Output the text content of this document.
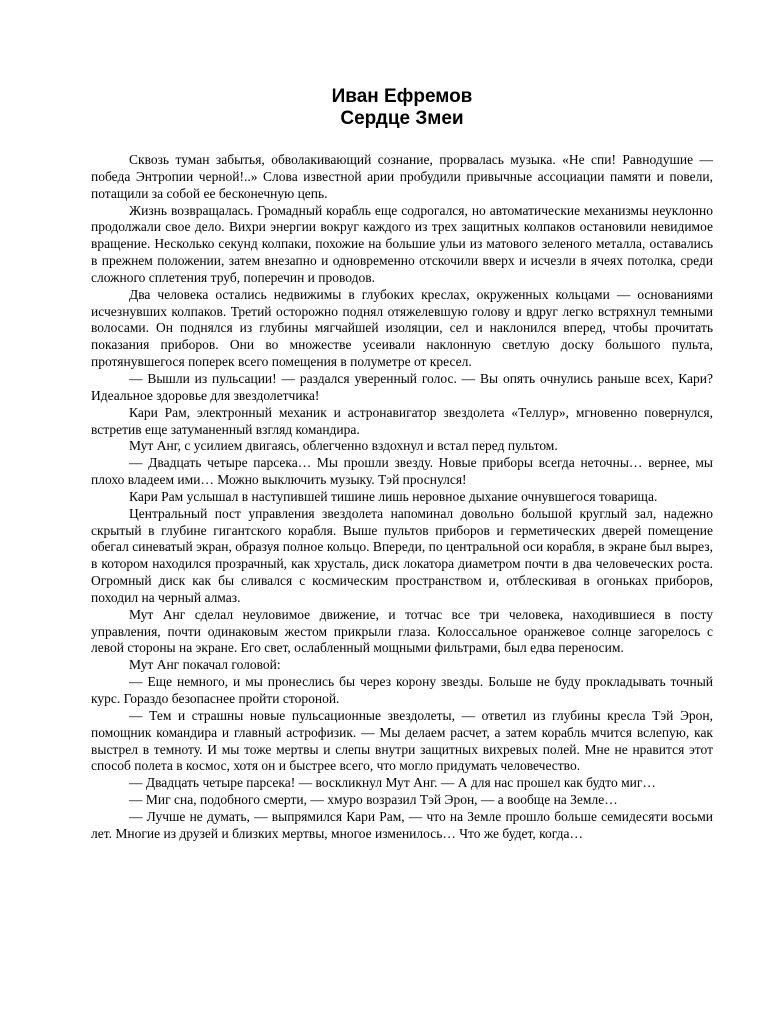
Иван Ефремов
Сердце Змеи

Сквозь туман забытья, обволакивающий сознание, прорвалась музыка. «Не спи! Равнодушие — победа Энтропии черной!..» Слова известной арии пробудили привычные ассоциации памяти и повели, потащили за собой ее бесконечную цепь.

Жизнь возвращалась. Громадный корабль еще содрогался, но автоматические механизмы неуклонно продолжали свое дело. Вихри энергии вокруг каждого из трех защитных колпаков остановили невидимое вращение. Несколько секунд колпаки, похожие на большие ульи из матового зеленого металла, оставались в прежнем положении, затем внезапно и одновременно отскочили вверх и исчезли в ячеях потолка, среди сложного сплетения труб, поперечин и проводов.

Два человека остались недвижимы в глубоких креслах, окруженных кольцами — основаниями исчезнувших колпаков. Третий осторожно поднял отяжелевшую голову и вдруг легко встряхнул темными волосами. Он поднялся из глубины мягчайшей изоляции, сел и наклонился вперед, чтобы прочитать показания приборов. Они во множестве усеивали наклонную светлую доску большого пульта, протянувшегося поперек всего помещения в полуметре от кресел.

— Вышли из пульсации! — раздался уверенный голос. — Вы опять очнулись раньше всех, Кари? Идеальное здоровье для звездолетчика!

Кари Рам, электронный механик и астронавигатор звездолета «Теллур», мгновенно повернулся, встретив еще затуманенный взгляд командира.

Мут Анг, с усилием двигаясь, облегченно вздохнул и встал перед пультом.

— Двадцать четыре парсека… Мы прошли звезду. Новые приборы всегда неточны… вернее, мы плохо владеем ими… Можно выключить музыку. Тэй проснулся!

Кари Рам услышал в наступившей тишине лишь неровное дыхание очнувшегося товарища.

Центральный пост управления звездолета напоминал довольно большой круглый зал, надежно скрытый в глубине гигантского корабля. Выше пультов приборов и герметических дверей помещение обегал синеватый экран, образуя полное кольцо. Впереди, по центральной оси корабля, в экране был вырез, в котором находился прозрачный, как хрусталь, диск локатора диаметром почти в два человеческих роста. Огромный диск как бы сливался с космическим пространством и, отблескивая в огоньках приборов, походил на черный алмаз.

Мут Анг сделал неуловимое движение, и тотчас все три человека, находившиеся в посту управления, почти одинаковым жестом прикрыли глаза. Колоссальное оранжевое солнце загорелось с левой стороны на экране. Его свет, ослабленный мощными фильтрами, был едва переносим.

Мут Анг покачал головой:

— Еще немного, и мы пронеслись бы через корону звезды. Больше не буду прокладывать точный курс. Гораздо безопаснее пройти стороной.

— Тем и страшны новые пульсационные звездолеты, — ответил из глубины кресла Тэй Эрон, помощник командира и главный астрофизик. — Мы делаем расчет, а затем корабль мчится вслепую, как выстрел в темноту. И мы тоже мертвы и слепы внутри защитных вихревых полей. Мне не нравится этот способ полета в космос, хотя он и быстрее всего, что могло придумать человечество.

— Двадцать четыре парсека! — воскликнул Мут Анг. — А для нас прошел как будто миг…

— Миг сна, подобного смерти, — хмуро возразил Тэй Эрон, — а вообще на Земле…

— Лучше не думать, — выпрямился Кари Рам, — что на Земле прошло больше семидесяти восьми лет. Многие из друзей и близких мертвы, многое изменилось… Что же будет, когда…
